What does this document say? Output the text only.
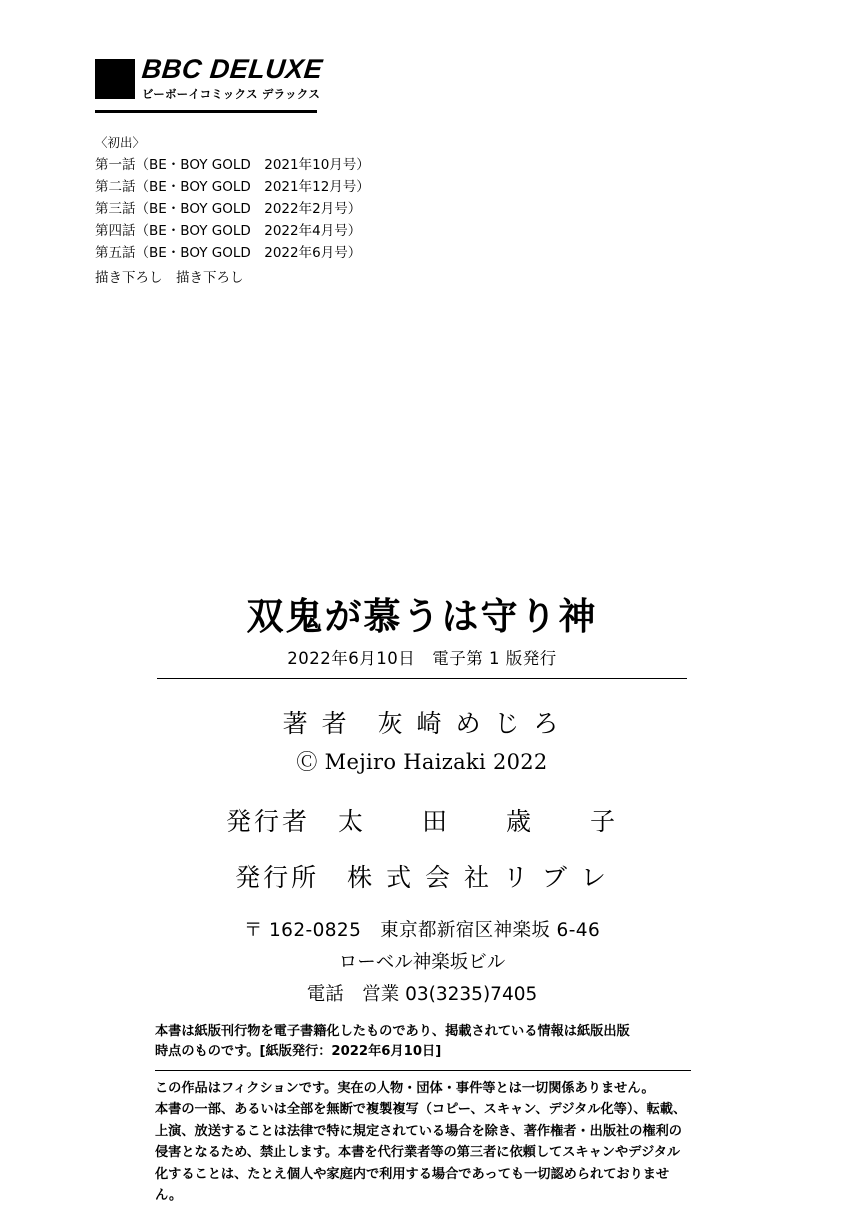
BBC DELUXE
ビーボーイコミックス デラックス
〈初出〉
第一話（BE・BOY GOLD　2021年10月号）
第二話（BE・BOY GOLD　2021年12月号）
第三話（BE・BOY GOLD　2022年2月号）
第四話（BE・BOY GOLD　2022年4月号）
第五話（BE・BOY GOLD　2022年6月号）
描き下ろし　描き下ろし
双鬼が慕うは守り神
2022年6月10日　電子第 1 版発行
著 者　灰 崎 め じ ろ
Ⓒ Mejiro Haizaki 2022
発行者　太　　田　　歳　　子
発行所　株 式 会 社 リ ブ レ
〒 162-0825　東京都新宿区神楽坂 6-46
ローベル神楽坂ビル
電話　営業 03(3235)7405
本書は紙版刊行物を電子書籍化したものであり、掲載されている情報は紙版出版
時点のものです。[紙版発行：2022年6月10日]
この作品はフィクションです。実在の人物・団体・事件等とは一切関係ありません。
本書の一部、あるいは全部を無断で複製複写（コピー、スキャン、デジタル化等）、転載、
上演、放送することは法律で特に規定されている場合を除き、著作権者・出版社の権利の
侵害となるため、禁止します。本書を代行業者等の第三者に依頼してスキャンやデジタル
化することは、たとえ個人や家庭内で利用する場合であっても一切認められておりません。
